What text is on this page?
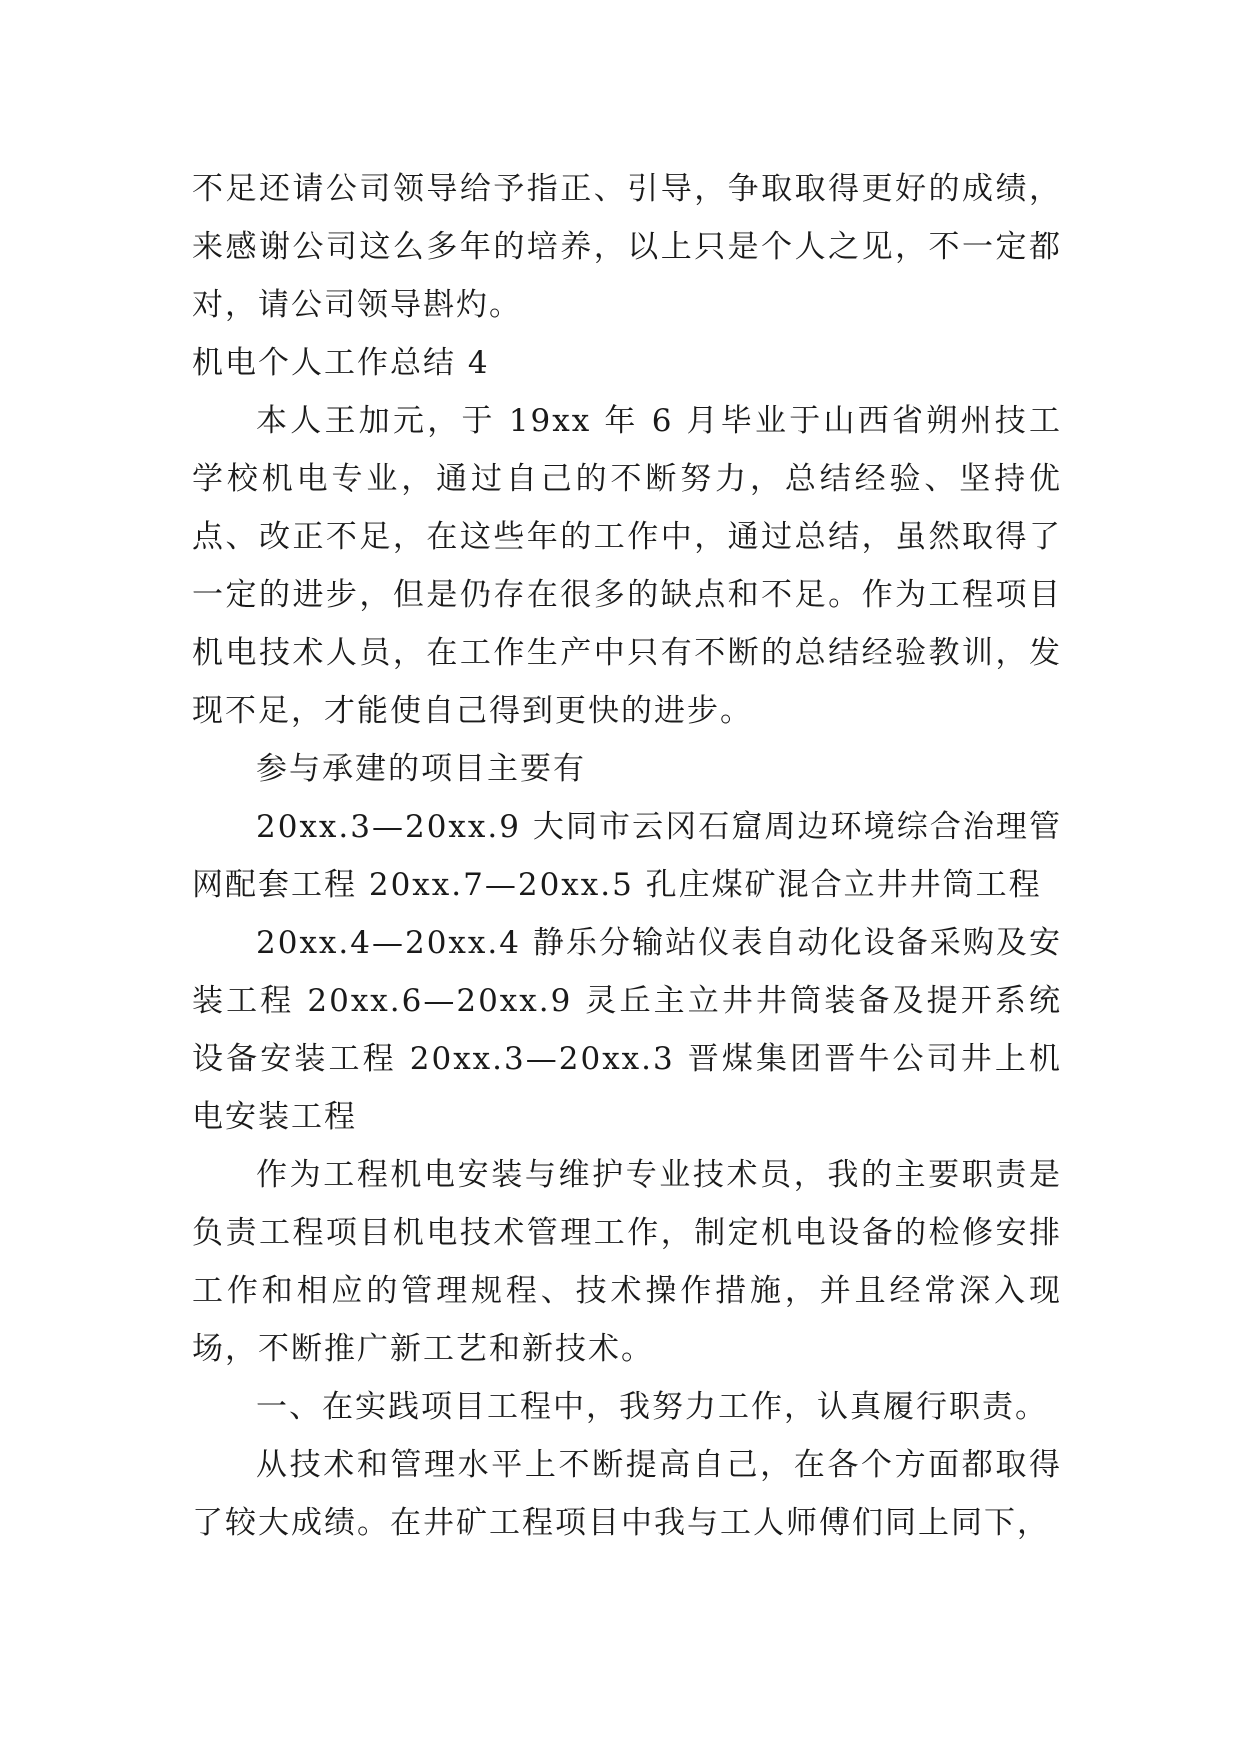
不足还请公司领导给予指正、引导，争取取得更好的成绩，来感谢公司这么多年的培养，以上只是个人之见，不一定都对，请公司领导斟灼。

机电个人工作总结 4

本人王加元，于 19xx 年 6 月毕业于山西省朔州技工学校机电专业，通过自己的不断努力，总结经验、坚持优点、改正不足，在这些年的工作中，通过总结，虽然取得了一定的进步，但是仍存在很多的缺点和不足。作为工程项目机电技术人员，在工作生产中只有不断的总结经验教训，发现不足，才能使自己得到更快的进步。

参与承建的项目主要有

20xx.3—20xx.9 大同市云冈石窟周边环境综合治理管网配套工程 20xx.7—20xx.5 孔庄煤矿混合立井井筒工程

20xx.4—20xx.4 静乐分输站仪表自动化设备采购及安装工程 20xx.6—20xx.9 灵丘主立井井筒装备及提开系统设备安装工程 20xx.3—20xx.3 晋煤集团晋牛公司井上机电安装工程

作为工程机电安装与维护专业技术员，我的主要职责是负责工程项目机电技术管理工作，制定机电设备的检修安排工作和相应的管理规程、技术操作措施，并且经常深入现场，不断推广新工艺和新技术。

一、在实践项目工程中，我努力工作，认真履行职责。

从技术和管理水平上不断提高自己，在各个方面都取得了较大成绩。在井矿工程项目中我与工人师傅们同上同下，
